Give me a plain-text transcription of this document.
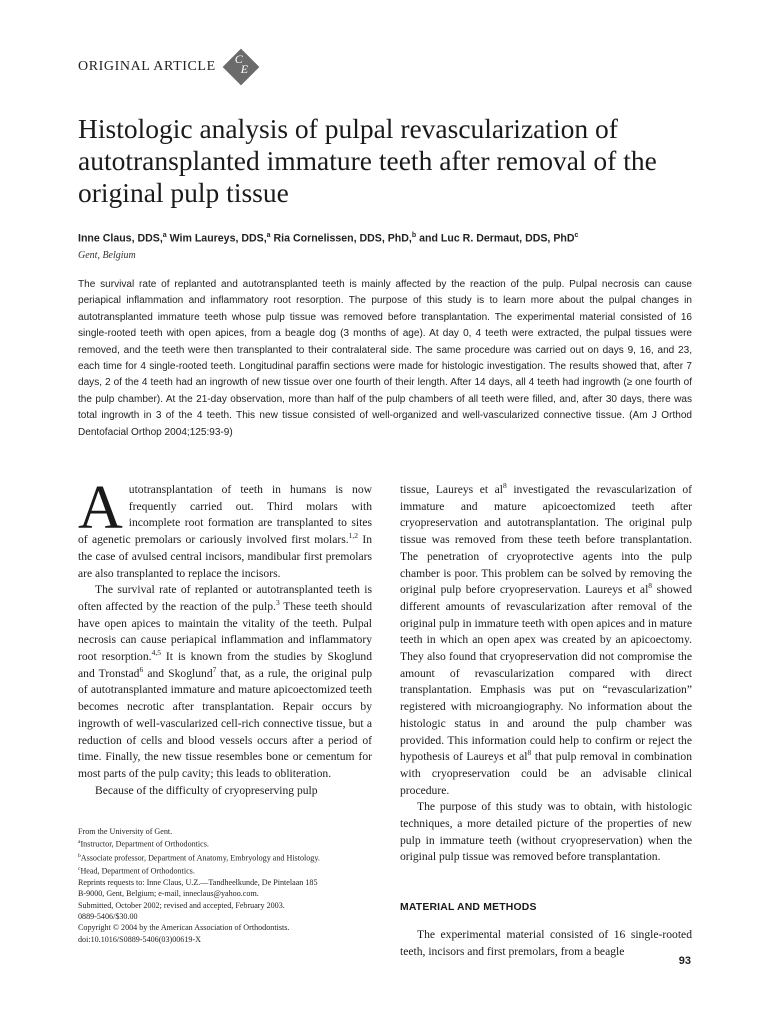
ORIGINAL ARTICLE C
E
Histologic analysis of pulpal revascularization of autotransplanted immature teeth after removal of the original pulp tissue
Inne Claus, DDS,$^a$ Wim Laureys, DDS,$^a$ Ria Cornelissen, DDS, PhD,$^b$ and Luc R. Dermaut, DDS, PhD$^c$
Gent, Belgium

The survival rate of replanted and autotransplanted teeth is mainly affected by the reaction of the pulp. Pulpal necrosis can cause periapical inflammation and inflammatory root resorption. The purpose of this study is to learn more about the pulpal changes in autotransplanted immature teeth whose pulp tissue was removed before transplantation. The experimental material consisted of 16 single-rooted teeth with open apices, from a beagle dog (3 months of age). At day 0, 4 teeth were extracted, the pulpal tissues were removed, and the teeth were then transplanted to their contralateral side. The same procedure was carried out on days 9, 16, and 23, each time for 4 single-rooted teeth. Longitudinal paraffin sections were made for histologic investigation. The results showed that, after 7 days, 2 of the 4 teeth had an ingrowth of new tissue over one fourth of their length. After 14 days, all 4 teeth had ingrowth (≥ one fourth of the pulp chamber). At the 21-day observation, more than half of the pulp chambers of all teeth were filled, and, after 30 days, there was total ingrowth in 3 of the 4 teeth. This new tissue consisted of well-organized and well-vascularized connective tissue. (Am J Orthod Dentofacial Orthop 2004;125:93-9)

Autotransplantation of teeth in humans is now frequently carried out. Third molars with incomplete root formation are transplanted to sites of agenetic premolars or cariously involved first molars.$^{1,2}$ In the case of avulsed central incisors, mandibular first premolars are also transplanted to replace the incisors.

The survival rate of replanted or autotransplanted teeth is often affected by the reaction of the pulp.$^3$ These teeth should have open apices to maintain the vitality of the teeth. Pulpal necrosis can cause periapical inflammation and inflammatory root resorption.$^{4,5}$ It is known from the studies by Skoglund and Tronstad$^6$ and Skoglund$^7$ that, as a rule, the original pulp of autotransplanted immature and mature apicoectomized teeth becomes necrotic after transplantation. Repair occurs by ingrowth of well-vascularized cell-rich connective tissue, but a reduction of cells and blood vessels occurs after a period of time. Finally, the new tissue resembles bone or cementum for most parts of the pulp cavity; this leads to obliteration.

Because of the difficulty of cryopreserving pulp

tissue, Laureys et $al^8$ investigated the revascularization of immature and mature apicoectomized teeth after cryopreservation and autotransplantation. The original pulp tissue was removed from these teeth before transplantation. The penetration of cryoprotective agents into the pulp chamber is poor. This problem can be solved by removing the original pulp before cryopreservation. Laureys et $al^8$ showed different amounts of revascularization after removal of the original pulp in immature teeth with open apices and in mature teeth in which an open apex was created by an apicoectomy. They also found that cryopreservation did not compromise the amount of revascularization compared with direct transplantation. Emphasis was put on “revascularization” registered with microangiography. No information about the histologic status in and around the pulp chamber was provided. This information could help to confirm or reject the hypothesis of Laureys et $al^8$ that pulp removal in combination with cryopreservation could be an advisable clinical procedure.

The purpose of this study was to obtain, with histologic techniques, a more detailed picture of the properties of new pulp in immature teeth (without cryopreservation) when the original pulp tissue was removed before transplantation.

MATERIAL AND METHODS

The experimental material consisted of 16 single-rooted teeth, incisors and first premolars, from a beagle

From the University of Gent.
$^a$Instructor, Department of Orthodontics.
$^b$Associate professor, Department of Anatomy, Embryology and Histology.
$^c$Head, Department of Orthodontics.
Reprints requests to: Inne Claus, U.Z.—Tandheelkunde, De Pintelaan 185
B-9000, Gent, Belgium; e-mail, inneclaus@yahoo.com.
Submitted, October 2002; revised and accepted, February 2003.
0889-5406/$30.00
Copyright © 2004 by the American Association of Orthodontists.
doi:10.1016/S0889-5406(03)00619-X
93
